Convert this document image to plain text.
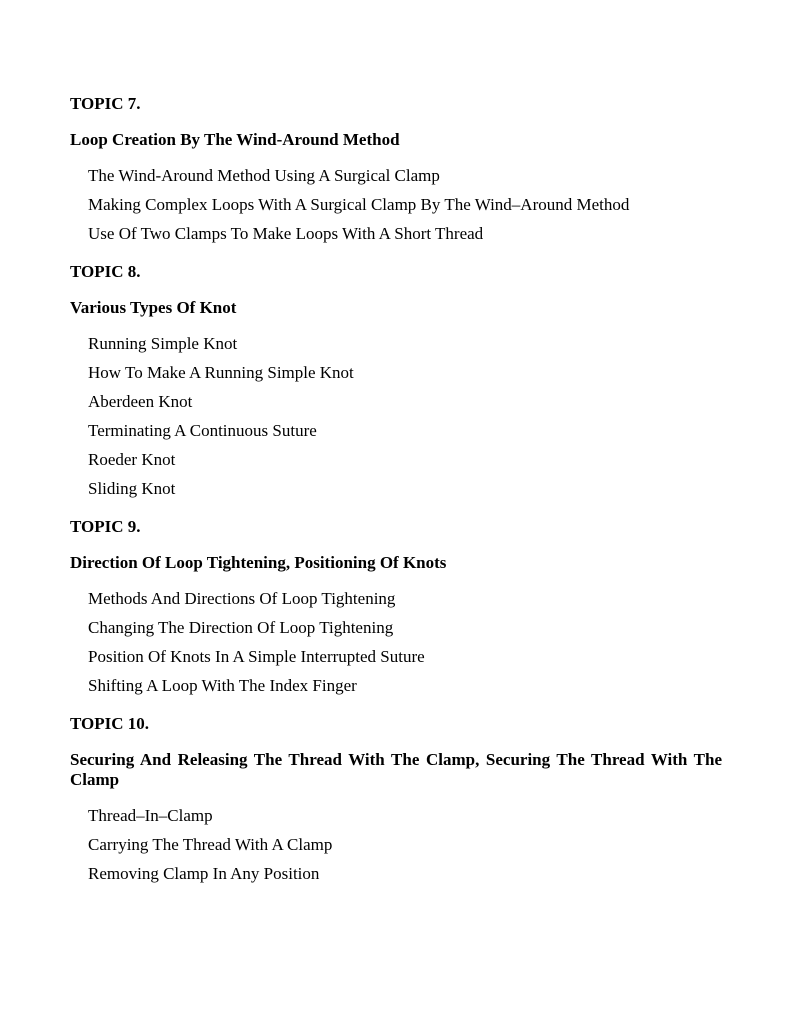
TOPIC 7.
Loop Creation By The Wind-Around Method
The Wind-Around Method Using A Surgical Clamp
Making Complex Loops With A Surgical Clamp By The Wind–Around Method
Use Of Two Clamps To Make Loops With A Short Thread
TOPIC 8.
Various Types Of Knot
Running Simple Knot
How To Make A Running Simple Knot
Aberdeen Knot
Terminating A Continuous Suture
Roeder Knot
Sliding Knot
TOPIC 9.
Direction Of Loop Tightening, Positioning Of Knots
Methods And Directions Of Loop Tightening
Changing The Direction Of Loop Tightening
Position Of Knots In A Simple Interrupted Suture
Shifting A Loop With The Index Finger
TOPIC 10.
Securing And Releasing The Thread With The Clamp, Securing The Thread With The Clamp
Thread–In–Clamp
Carrying The Thread With A Clamp
Removing Clamp In Any Position
